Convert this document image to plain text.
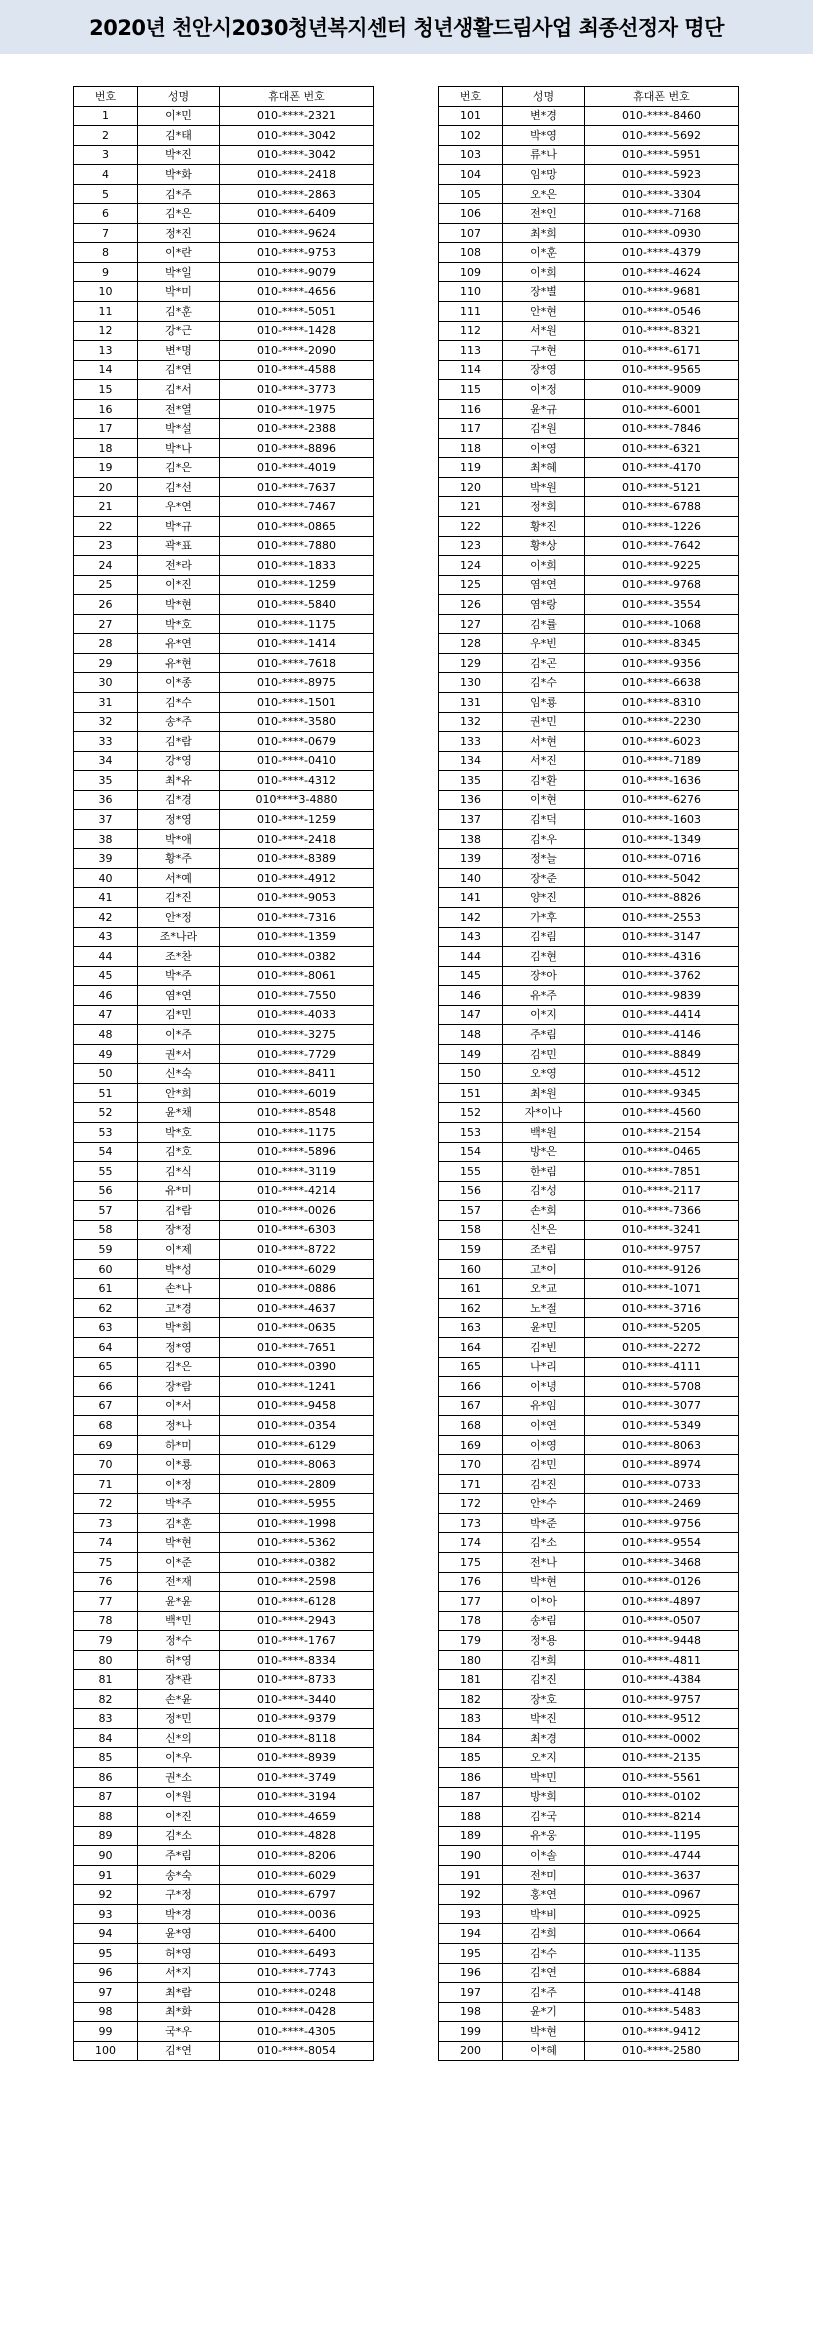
2020년 천안시2030청년복지센터 청년생활드림사업 최종선정자 명단
번호	성명	휴대폰 번호
1	이*민	010-****-2321
2	김*태	010-****-3042
3	박*진	010-****-3042
4	박*화	010-****-2418
5	김*주	010-****-2863
6	김*은	010-****-6409
7	정*진	010-****-9624
8	이*란	010-****-9753
9	박*일	010-****-9079
10	박*미	010-****-4656
11	김*훈	010-****-5051
12	강*근	010-****-1428
13	변*명	010-****-2090
14	김*연	010-****-4588
15	김*서	010-****-3773
16	전*열	010-****-1975
17	박*설	010-****-2388
18	박*나	010-****-8896
19	김*은	010-****-4019
20	김*선	010-****-7637
21	우*연	010-****-7467
22	박*규	010-****-0865
23	곽*표	010-****-7880
24	전*라	010-****-1833
25	이*진	010-****-1259
26	박*현	010-****-5840
27	박*호	010-****-1175
28	유*연	010-****-1414
29	유*현	010-****-7618
30	이*종	010-****-8975
31	김*수	010-****-1501
32	송*주	010-****-3580
33	김*람	010-****-0679
34	강*영	010-****-0410
35	최*유	010-****-4312
36	김*경	010****3-4880
37	정*영	010-****-1259
38	박*애	010-****-2418
39	황*주	010-****-8389
40	서*예	010-****-4912
41	김*진	010-****-9053
42	안*정	010-****-7316
43	조*나라	010-****-1359
44	조*찬	010-****-0382
45	박*주	010-****-8061
46	염*연	010-****-7550
47	김*민	010-****-4033
48	이*주	010-****-3275
49	권*서	010-****-7729
50	신*숙	010-****-8411
51	안*희	010-****-6019
52	윤*채	010-****-8548
53	박*호	010-****-1175
54	김*호	010-****-5896
55	김*식	010-****-3119
56	유*미	010-****-4214
57	김*람	010-****-0026
58	장*정	010-****-6303
59	이*제	010-****-8722
60	박*성	010-****-6029
61	손*나	010-****-0886
62	고*경	010-****-4637
63	박*희	010-****-0635
64	정*영	010-****-7651
65	김*은	010-****-0390
66	장*람	010-****-1241
67	이*서	010-****-9458
68	정*나	010-****-0354
69	하*미	010-****-6129
70	이*룡	010-****-8063
71	이*정	010-****-2809
72	박*주	010-****-5955
73	김*훈	010-****-1998
74	박*현	010-****-5362
75	이*준	010-****-0382
76	전*재	010-****-2598
77	윤*윤	010-****-6128
78	백*민	010-****-2943
79	정*수	010-****-1767
80	허*영	010-****-8334
81	장*관	010-****-8733
82	손*윤	010-****-3440
83	정*민	010-****-9379
84	신*의	010-****-8118
85	이*우	010-****-8939
86	권*소	010-****-3749
87	이*원	010-****-3194
88	이*진	010-****-4659
89	김*소	010-****-4828
90	주*림	010-****-8206
91	송*숙	010-****-6029
92	구*정	010-****-6797
93	박*경	010-****-0036
94	윤*영	010-****-6400
95	허*영	010-****-6493
96	서*지	010-****-7743
97	최*람	010-****-0248
98	최*화	010-****-0428
99	국*우	010-****-4305
100	김*연	010-****-8054
번호	성명	휴대폰 번호
101	변*경	010-****-8460
102	박*영	010-****-5692
103	류*나	010-****-5951
104	임*망	010-****-5923
105	오*은	010-****-3304
106	전*인	010-****-7168
107	최*희	010-****-0930
108	이*훈	010-****-4379
109	이*희	010-****-4624
110	장*별	010-****-9681
111	안*현	010-****-0546
112	서*원	010-****-8321
113	구*현	010-****-6171
114	장*영	010-****-9565
115	이*정	010-****-9009
116	윤*규	010-****-6001
117	김*원	010-****-7846
118	이*영	010-****-6321
119	최*혜	010-****-4170
120	박*원	010-****-5121
121	정*희	010-****-6788
122	황*진	010-****-1226
123	황*상	010-****-7642
124	이*희	010-****-9225
125	염*연	010-****-9768
126	염*랑	010-****-3554
127	김*률	010-****-1068
128	우*빈	010-****-8345
129	김*곤	010-****-9356
130	김*수	010-****-6638
131	임*룡	010-****-8310
132	권*민	010-****-2230
133	서*현	010-****-6023
134	서*진	010-****-7189
135	김*환	010-****-1636
136	이*현	010-****-6276
137	김*덕	010-****-1603
138	김*우	010-****-1349
139	정*늘	010-****-0716
140	장*준	010-****-5042
141	양*진	010-****-8826
142	가*후	010-****-2553
143	김*림	010-****-3147
144	김*현	010-****-4316
145	장*아	010-****-3762
146	유*주	010-****-9839
147	이*지	010-****-4414
148	주*림	010-****-4146
149	김*민	010-****-8849
150	오*영	010-****-4512
151	최*원	010-****-9345
152	자*이나	010-****-4560
153	백*원	010-****-2154
154	방*은	010-****-0465
155	한*림	010-****-7851
156	김*성	010-****-2117
157	손*희	010-****-7366
158	신*은	010-****-3241
159	조*림	010-****-9757
160	고*이	010-****-9126
161	오*교	010-****-1071
162	노*절	010-****-3716
163	윤*민	010-****-5205
164	김*빈	010-****-2272
165	나*리	010-****-4111
166	이*녕	010-****-5708
167	유*임	010-****-3077
168	이*연	010-****-5349
169	이*영	010-****-8063
170	김*민	010-****-8974
171	김*진	010-****-0733
172	안*수	010-****-2469
173	박*준	010-****-9756
174	김*소	010-****-9554
175	전*나	010-****-3468
176	박*현	010-****-0126
177	이*아	010-****-4897
178	송*림	010-****-0507
179	정*용	010-****-9448
180	김*희	010-****-4811
181	김*진	010-****-4384
182	장*호	010-****-9757
183	박*진	010-****-9512
184	최*경	010-****-0002
185	오*지	010-****-2135
186	박*민	010-****-5561
187	방*희	010-****-0102
188	김*국	010-****-8214
189	유*웅	010-****-1195
190	이*솔	010-****-4744
191	전*미	010-****-3637
192	홍*연	010-****-0967
193	박*비	010-****-0925
194	김*희	010-****-0664
195	김*수	010-****-1135
196	김*연	010-****-6884
197	김*주	010-****-4148
198	윤*기	010-****-5483
199	박*현	010-****-9412
200	이*혜	010-****-2580
